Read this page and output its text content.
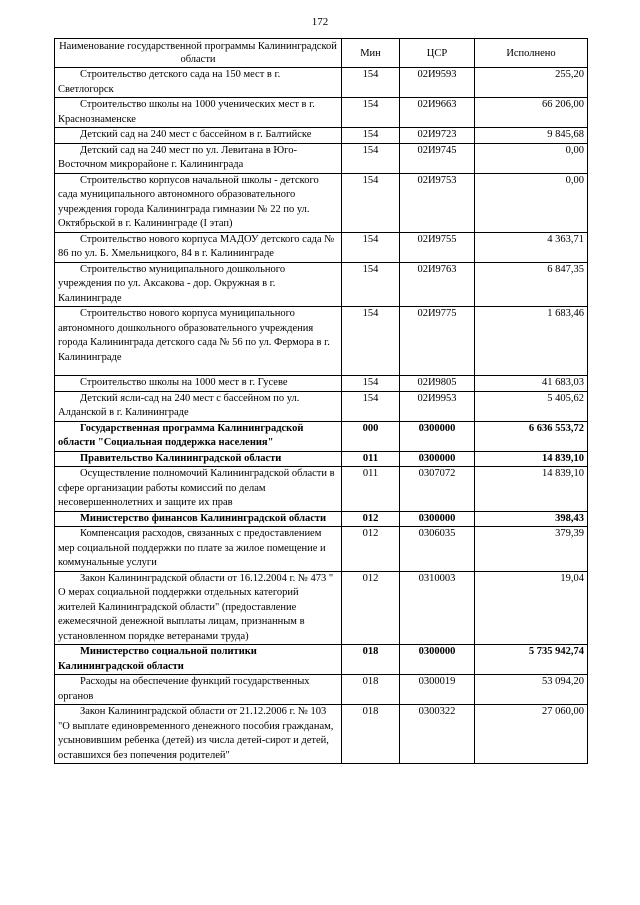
172
Наименование государственной программы Калининградской области	Мин	ЦСР	Исполнено

Строительство детского сада на 150 мест в г. Светлогорск	154	02И9593	255,20

Строительство школы на 1000 ученических мест в г. Краснознаменске	154	02И9663	66 206,00

Детский сад на 240 мест с бассейном в г. Балтийске	154	02И9723	9 845,68

Детский сад на 240 мест по ул. Левитана в Юго-Восточном микрорайоне г. Калининграда	154	02И9745	0,00

Строительство корпусов начальной школы - детского сада муниципального автономного образовательного учреждения города Калининграда гимназии № 22 по ул. Октябрьской в г. Калининграде (I этап)	154	02И9753	0,00

Строительство нового корпуса МАДОУ детского сада № 86 по ул. Б. Хмельницкого, 84 в г. Калининграде	154	02И9755	4 363,71

Строительство муниципального дошкольного учреждения по ул. Аксакова - дор. Окружная в г. Калининграде	154	02И9763	6 847,35

Строительство нового корпуса муниципального автономного дошкольного образовательного учреждения города Калининграда детского сада № 56 по ул. Фермора в г. Калининграде	154	02И9775	1 683,46

Строительство школы на 1000 мест в г. Гусеве	154	02И9805	41 683,03

Детский ясли-сад на 240 мест с бассейном по ул. Алданской в г. Калининграде	154	02И9953	5 405,62

Государственная программа Калининградской области "Социальная поддержка населения"	000	0300000	6 636 553,72

Правительство Калининградской области	011	0300000	14 839,10

Осуществление полномочий Калининградской области в сфере организации работы комиссий по делам несовершеннолетних и защите их прав	011	0307072	14 839,10

Министерство финансов Калининградской области	012	0300000	398,43

Компенсация расходов, связанных с предоставлением мер социальной поддержки по плате за жилое помещение и коммунальные услуги	012	0306035	379,39

Закон Калининградской области от 16.12.2004 г. № 473 " О мерах социальной поддержки отдельных категорий жителей Калининградской области" (предоставление ежемесячной денежной выплаты лицам, признанным в установленном порядке ветеранами труда)	012	0310003	19,04

Министерство социальной политики Калининградской области	018	0300000	5 735 942,74

Расходы на обеспечение функций государственных органов	018	0300019	53 094,20

Закон Калининградской области от 21.12.2006 г. № 103 "О выплате единовременного денежного пособия гражданам, усыновившим ребенка (детей) из числа детей-сирот и детей, оставшихся без попечения родителей"	018	0300322	27 060,00
